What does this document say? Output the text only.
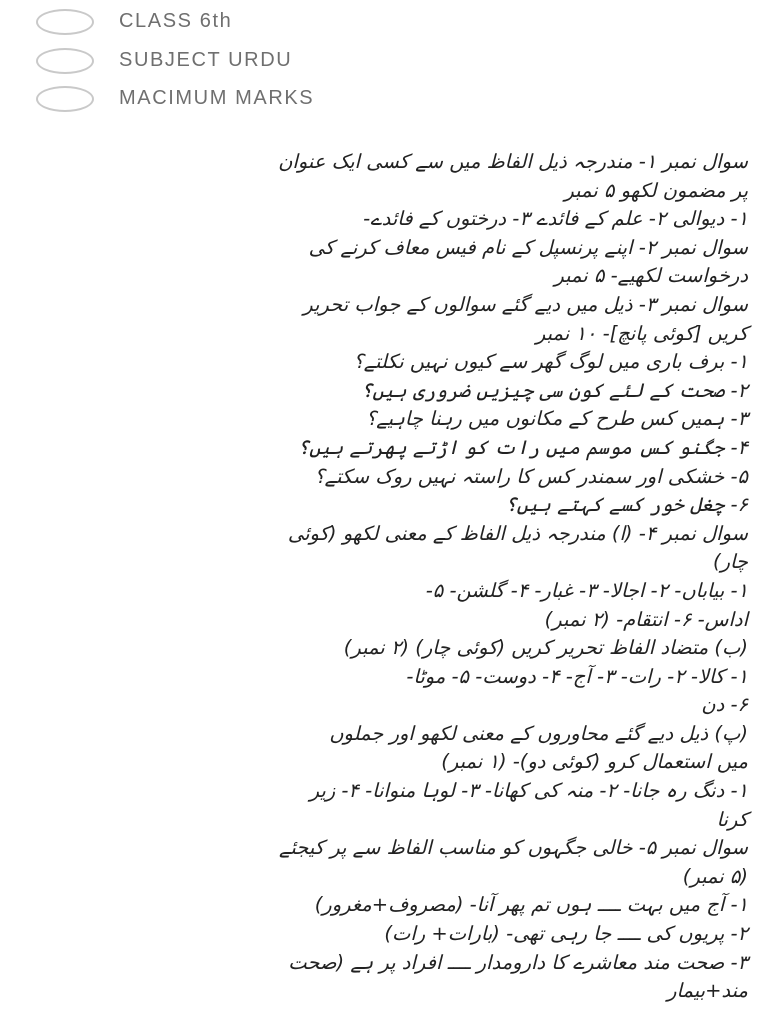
CLASS 6th
SUBJECT URDU
MACIMUM MARKS
سوال نمبر ۱- مندرجہ ذیل الفاظ میں سے کسی ایک عنوان
پر مضمون لکھو ۵ نمبر
۱- دیوالی ۲- علم کے فائدے ۳- درختوں کے فائدے-
سوال نمبر ۲- اپنے پرنسپل کے نام فیس معاف کرنے کی
درخواست لکھیے- ۵ نمبر
سوال نمبر ۳- ذیل میں دیے گئے سوالوں کے جواب تحریر
کریں [کوئی پانچ]- ۱۰ نمبر
۱- برف باری میں لوگ گھر سے کیوں نہیں نکلتے؟
۲- صحت کے لئے کون سی چیزیں ضروری ہیں؟
۳- ہمیں کس طرح کے مکانوں میں رہنا چاہیے؟
۴- جگنو کس موسم میں رات کو اڑتے پھرتے ہیں؟
۵- خشکی اور سمندر کس کا راستہ نہیں روک سکتے؟
۶- چغل خور کسے کہتے ہیں؟
سوال نمبر ۴- (ا) مندرجہ ذیل الفاظ کے معنی لکھو (کوئی
چار)
۱- بیاباں- ۲- اجالا- ۳- غبار- ۴- گلشن- ۵-
اداس- ۶- انتقام- (۲ نمبر)
(ب) متضاد الفاظ تحریر کریں (کوئی چار) (۲ نمبر)
۱- کالا- ۲- رات- ۳- آج- ۴- دوست- ۵- موٹا-
۶- دن
(پ) ذیل دیے گئے محاوروں کے معنی لکھو اور جملوں
میں استعمال کرو (کوئی دو)- (۱ نمبر)
۱- دنگ رہ جانا- ۲- منہ کی کھانا- ۳- لوہا منوانا- ۴- زیر
کرنا
سوال نمبر ۵- خالی جگہوں کو مناسب الفاظ سے پر کیجئے
(۵ نمبر)
۱- آج میں بہت ــــ ہوں تم پھر آنا- (مصروف+مغرور)
۲- پریوں کی ــــ جا رہی تھی- (بارات+ رات)
۳- صحت مند معاشرے کا دارومدار ــــ افراد پر ہے (صحت
مند+بیمار
